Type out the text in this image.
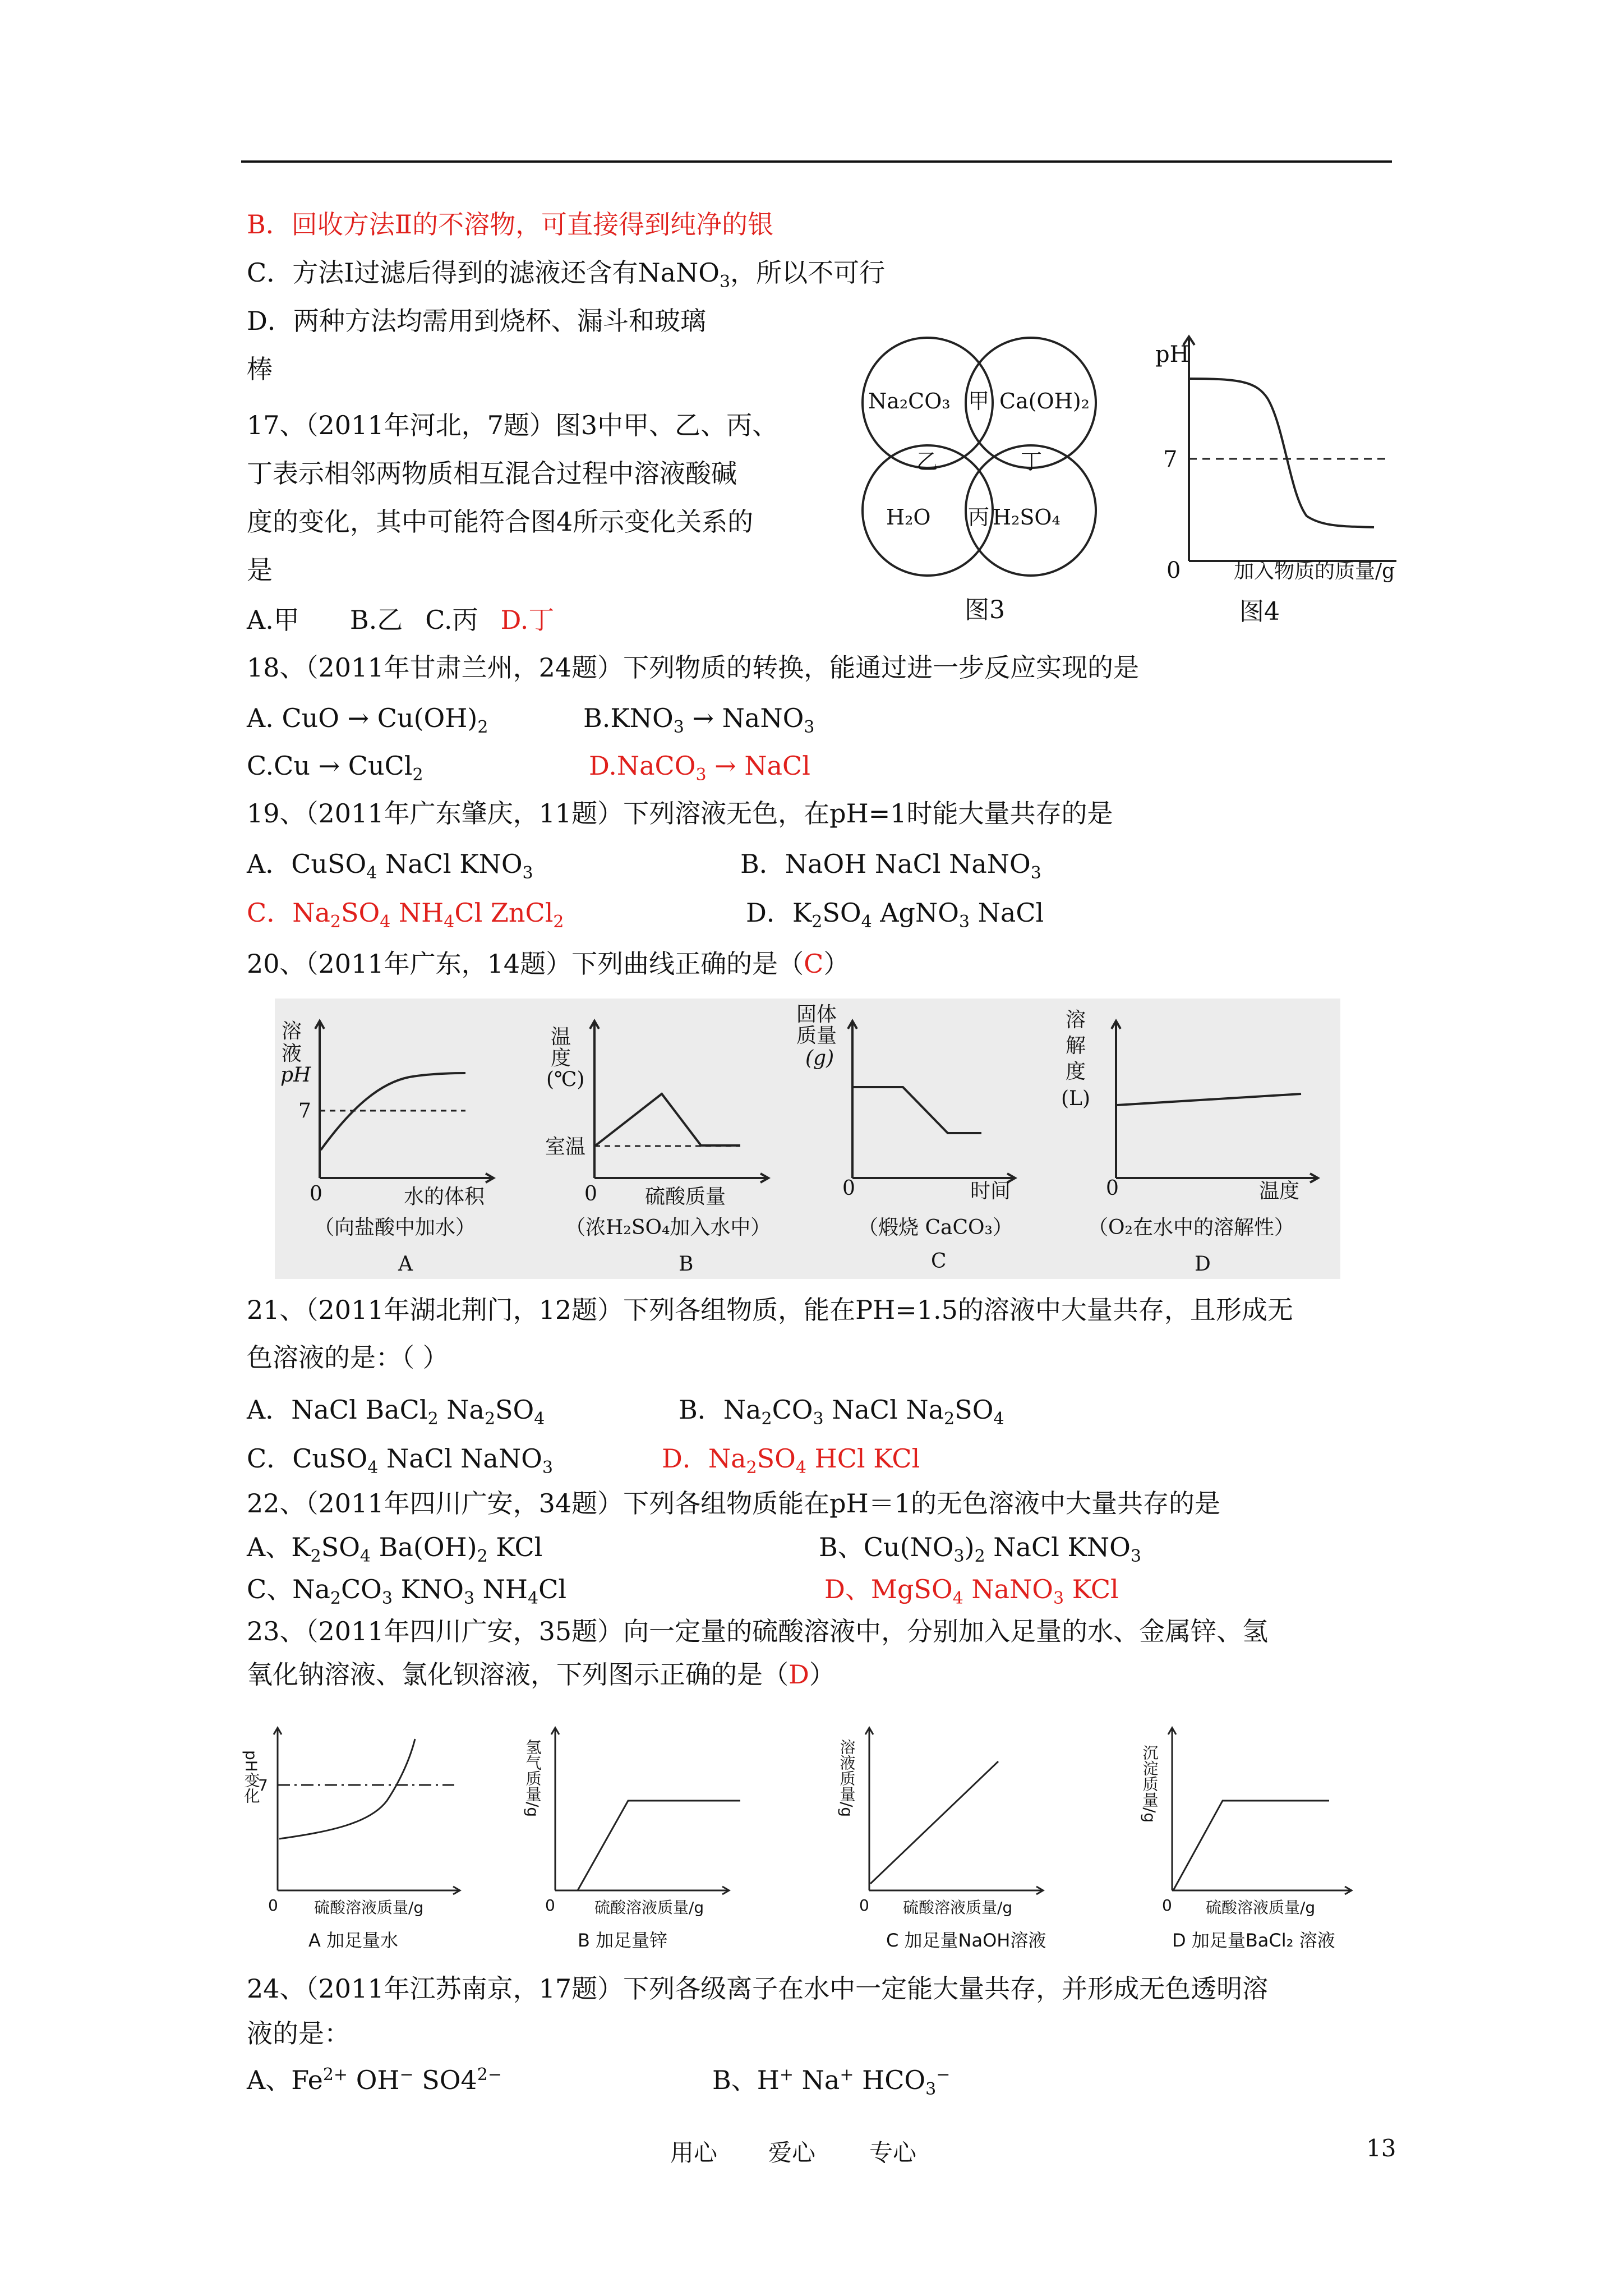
B．回收方法Ⅱ的不溶物，可直接得到纯净的银
C．方法Ⅰ过滤后得到的滤液还含有NaNO$_3$，所以不可行
D．两种方法均需用到烧杯、漏斗和玻璃
棒
17、（2011年河北，7题）图3中甲、乙、丙、
丁表示相邻两物质相互混合过程中溶液酸碱
度的变化，其中可能符合图4所示变化关系的
是
A.甲 B.乙 C.丙 D.丁
Na₂CO₃ Ca(OH)₂
H₂O	H₂SO₄
甲
乙	丁
丙
图3
pH
7
0	加入物质的质量/g
图4
18、（2011年甘肃兰州，24题）下列物质的转换，能通过进一步反应实现的是
A. CuO → $Cu(OH)_2$	$B.KNO_3$ → NaNO$_3$
C.Cu → CuCl$_2$	D.NaCO$_3$ → NaCl
19、（2011年广东肇庆，11题）下列溶液无色，在pH=1时能大量共存的是
A．CuSO$_4$ NaCl $KNO_3$	B．NaOH NaCl NaNO$_3$
C．$Na_2SO_4$ $NH_4Cl$ ZnCl$_2$	D．$K_2SO_4$ AgNO$_3$ NaCl
20、（2011年广东，14题）下列曲线正确的是（C）
溶
液
pH
7
0	水的体积
（向盐酸中加水）
A
温
度
(℃)
室温
0 硫酸质量
（浓H₂SO₄加入水中）
B
固体
质量
(g)
0	时间
（煅烧 CaCO₃）
C
溶
解
度
(L)
0	温度
（O₂在水中的溶解性）
D
21、（2011年湖北荆门，12题）下列各组物质，能在PH=1.5的溶液中大量共存，且形成无
色溶液的是：（ ）
A．NaCl BaCl$_2$ $Na_2SO_4$	B．$Na_2CO_3$ NaCl $Na_2SO_4$
C．CuSO$_4$ NaCl NaNO$_3$	D．$Na_2SO_4$ HCl KCl
22、（2011年四川广安，34题）下列各组物质能在pH＝1的无色溶液中大量共存的是
A、$K_2SO_4$ $Ba(OH)_2$ KCl	B、$Cu(NO_3)_2$ NaCl $KNO_3$
C、$Na_2CO_3$ $KNO_3$ $NH_4Cl$	D、MgSO$_4$ NaNO$_3$ KCl
23、（2011年四川广安，35题）向一定量的硫酸溶液中，分别加入足量的水、金属锌、氢
氧化钠溶液、氯化钡溶液，下列图示正确的是（D）
pH变化
7
0 硫酸溶液质量/g
A 加足量水
氢气质量/g
0	硫酸溶液质量/g
B 加足量锌
溶液质量/g
0 硫酸溶液质量/g
C 加足量NaOH溶液
沉淀质量/g
0 硫酸溶液质量/g
D 加足量BaCl₂ 溶液
24、（2011年江苏南京，17题）下列各级离子在水中一定能大量共存，并形成无色透明溶
液的是：
A、$Fe^{2+}$ OH− $SO4^{2-}$	B、H+ Na+ $HCO_3^-$
用心 爱心 专心	13
